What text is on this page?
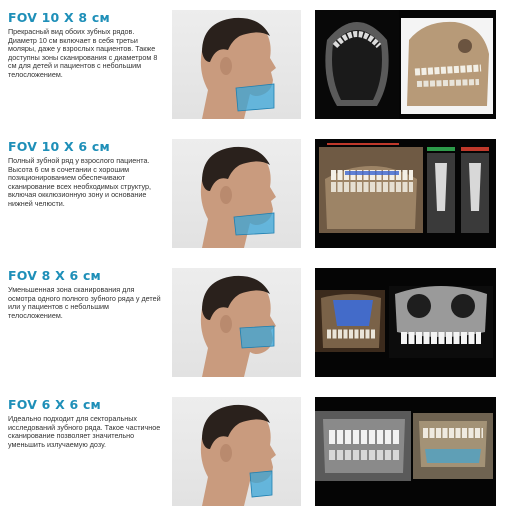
FOV 10 X 8 см
Прекрасный вид обоих зубных рядов. Диаметр 10 см включает в себя третьи моляры, даже у взрослых пациентов. Также доступны зоны сканирования с диаметром 8 см для детей и пациентов с небольшим телосложением.
FOV 10 X 6 см
Полный зубной ряд у взрослого пациента. Высота 6 см в сочетании с хорошим позиционированием обеспечивают сканирование всех необходимых структур, включая окклюзионную зону и основание нижней челюсти.
FOV 8 X 6 см
Уменьшенная зона сканирования для осмотра одного полного зубного ряда у детей или у пациентов с небольшим телосложением.
FOV 6 X 6 см
Идеально подходит для секторальных исследований зубного ряда. Такое частичное сканирование позволяет значительно уменьшить излучаемую дозу.
